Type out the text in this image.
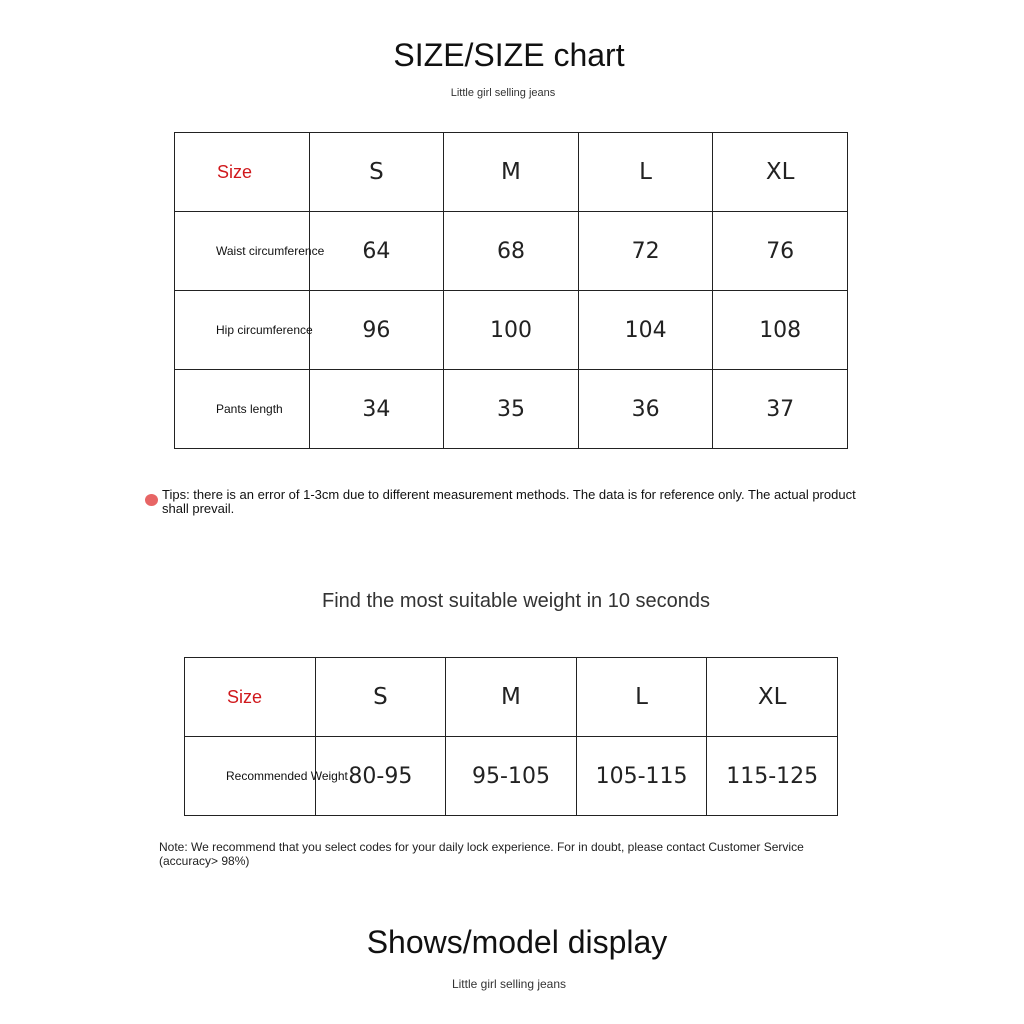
SIZE/SIZE chart
Little girl selling jeans
Size	S	M	L	XL
Waist circumference	64	68	72	76
Hip circumference	96	100	104	108
Pants length	34	35	36	37
Tips: there is an error of 1-3cm due to different measurement methods. The data is for reference only. The actual product shall prevail.
Find the most suitable weight in 10 seconds
Size	S	M	L	XL
Recommended Weight	80-95	95-105	105-115	115-125
Note: We recommend that you select codes for your daily lock experience. For in doubt, please contact Customer Service (accuracy> 98%)
Shows/model display
Little girl selling jeans
